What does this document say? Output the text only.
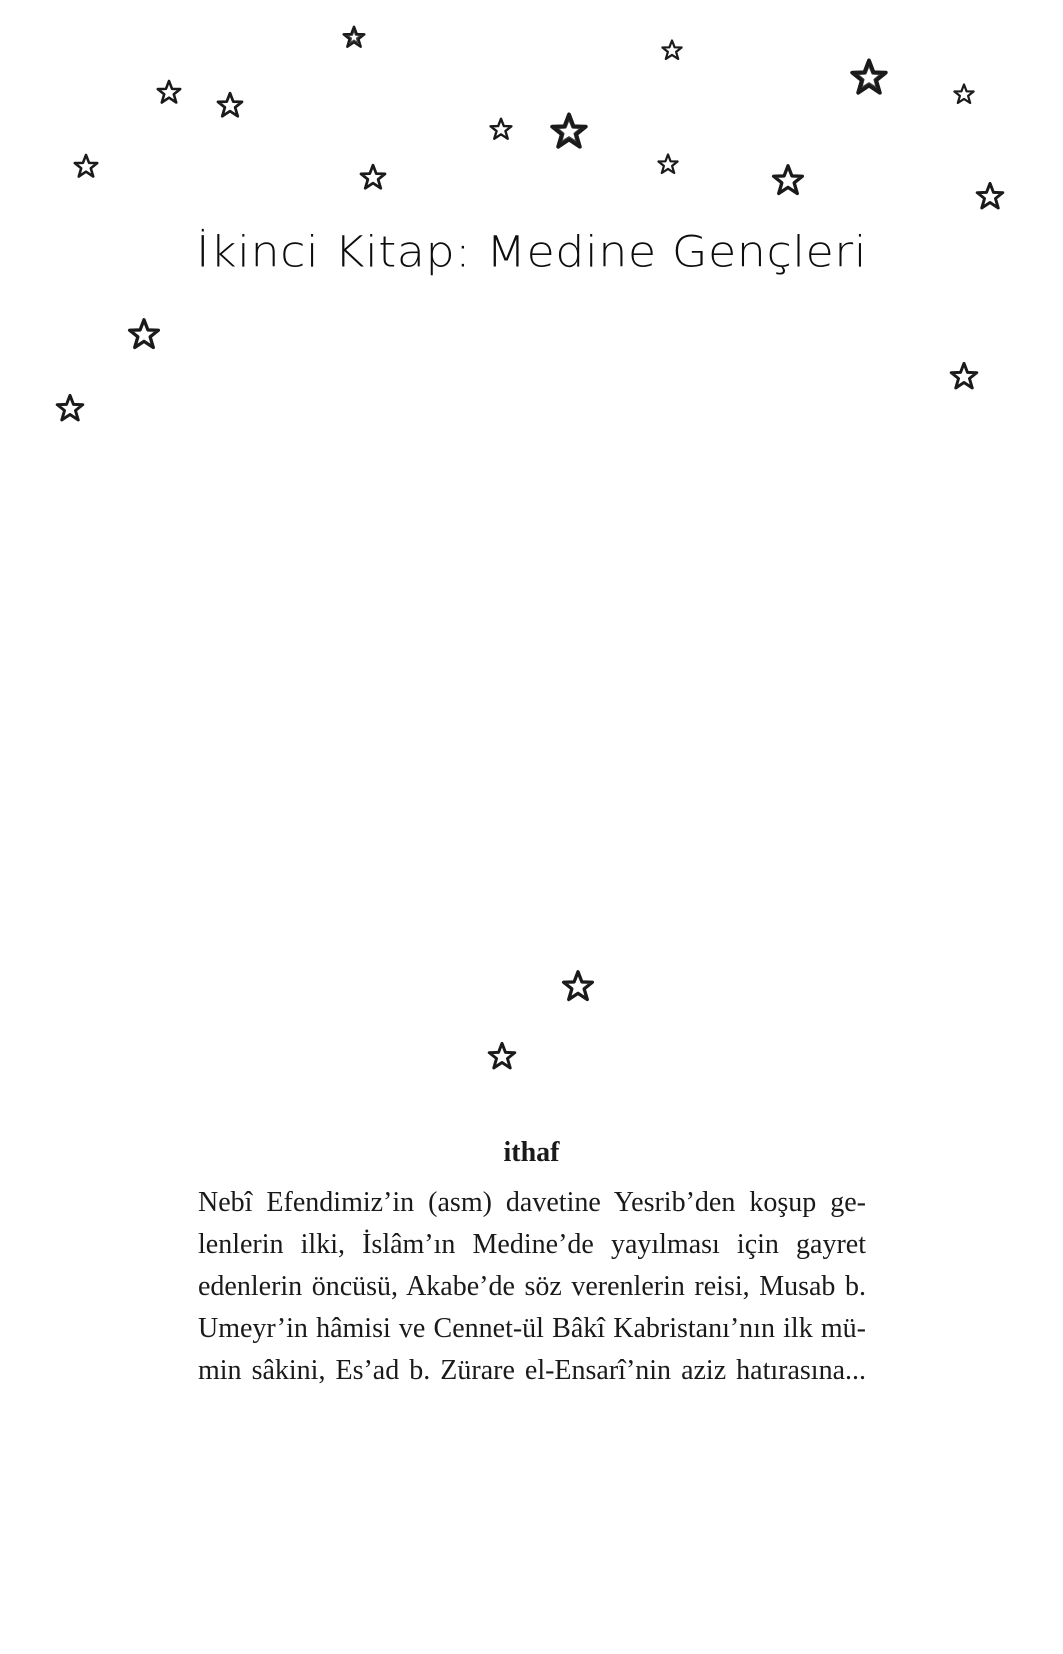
İkinci Kitap: Medine Gençleri
ithaf

Nebî Efendimiz’in (asm) davetine Yesrib’den koşup ge-
lenlerin ilki, İslâm’ın Medine’de yayılması için gayret
edenlerin öncüsü, Akabe’de söz verenlerin reisi, Musab b.
Umeyr’in hâmisi ve Cennet-ül Bâkî Kabristanı’nın ilk mü-
min sâkini, Es’ad b. Zürare el-Ensarî’nin aziz hatırasına...
